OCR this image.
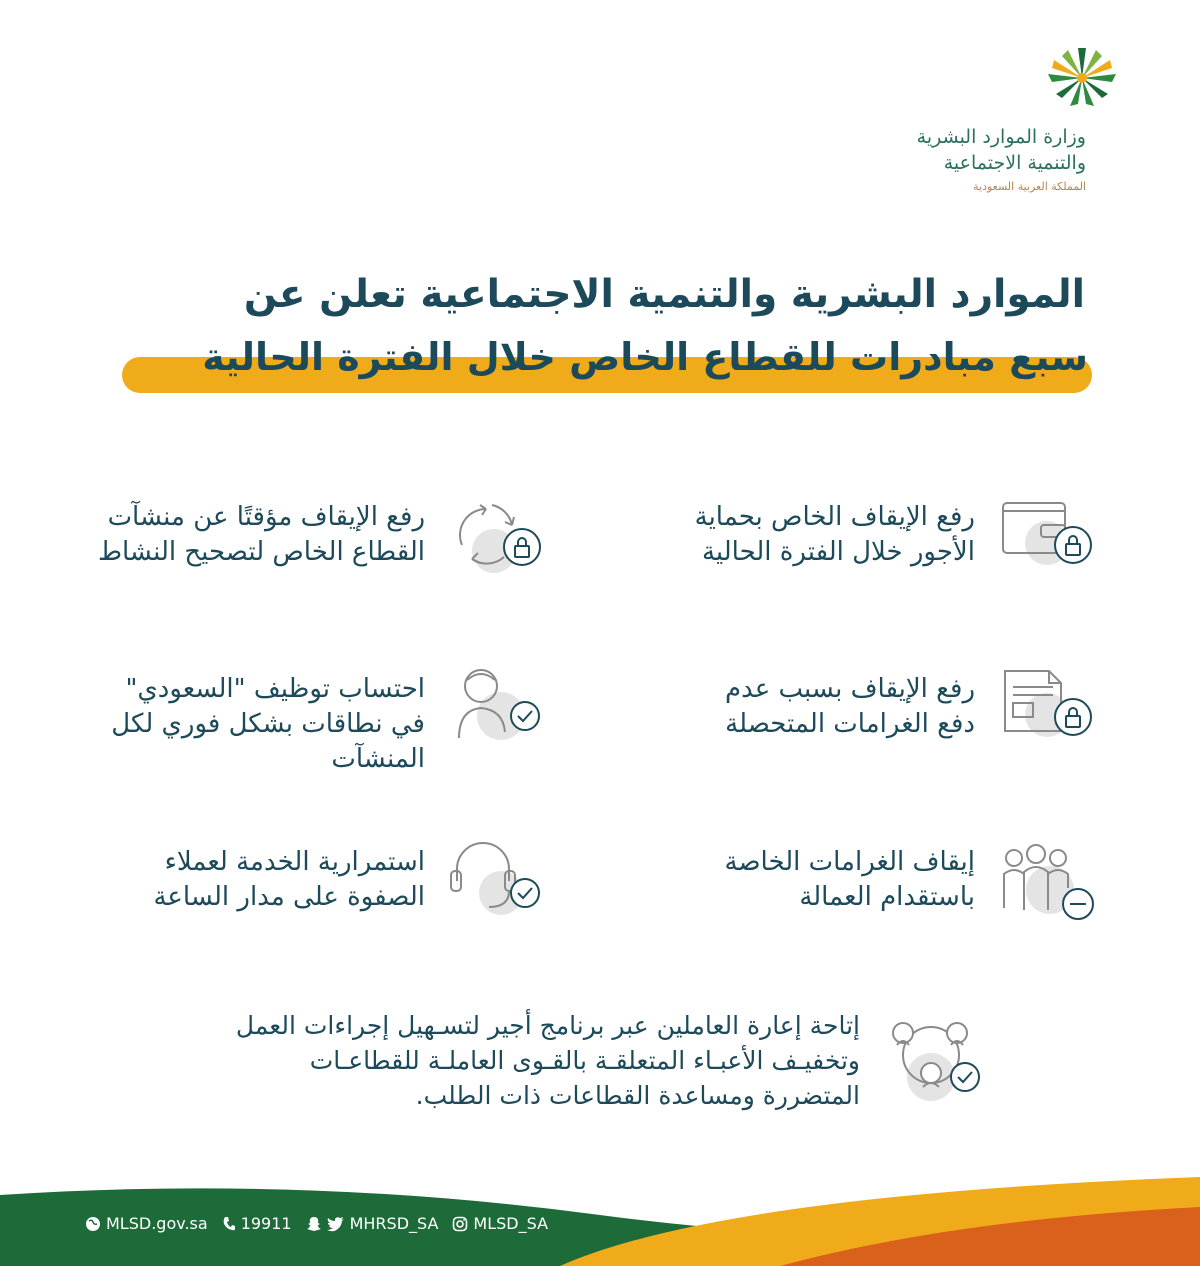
وزارة الموارد البشرية
والتنمية الاجتماعية
المملكة العربية السعودية
الموارد البشرية والتنمية الاجتماعية تعلن عن
سبع مبادرات للقطاع الخاص خلال الفترة الحالية
رفع الإيقاف الخاص بحماية
الأجور خلال الفترة الحالية
رفع الإيقاف مؤقتًا عن منشآت
القطاع الخاص لتصحيح النشاط
رفع الإيقاف بسبب عدم
دفع الغرامات المتحصلة
احتساب توظيف "السعودي"
في نطاقات بشكل فوري لكل
المنشآت
إيقاف الغرامات الخاصة
باستقدام العمالة
استمرارية الخدمة لعملاء
الصفوة على مدار الساعة
إتاحة إعارة العاملين عبر برنامج أجير لتسـهيل إجراءات العمل
وتخفيـف الأعبـاء المتعلقـة بالقـوى العاملـة للقطاعـات
المتضررة ومساعدة القطاعات ذات الطلب.
MLSD.gov.sa 19911	MHRSD_SA MLSD_SA
